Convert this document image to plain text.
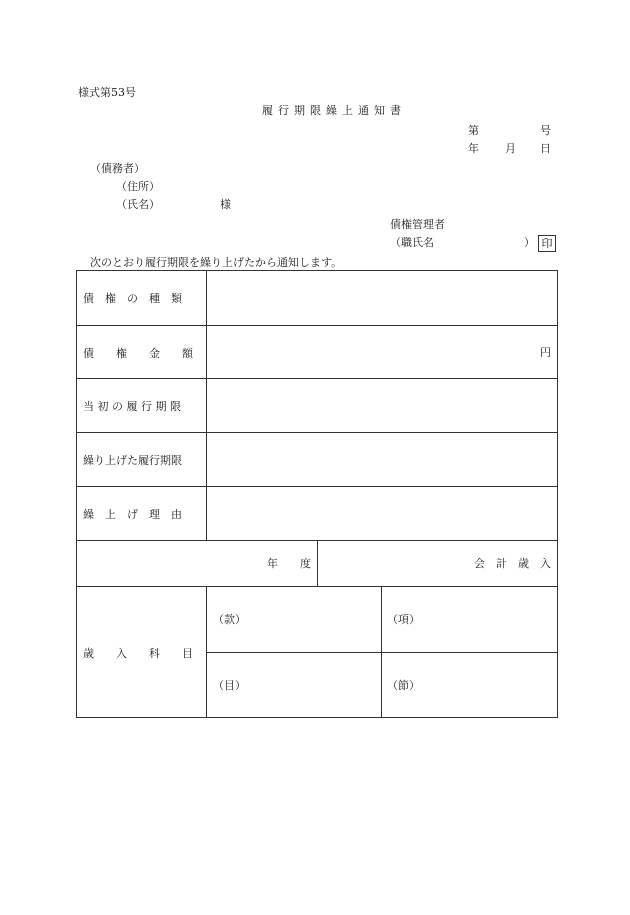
様式第53号
履行期限繰上通知書
第	号
年 月 日
（債務者）
（住所）
（氏名）	様
債権管理者
（職氏名	） 印
次のとおり履行期限を繰り上げたから通知します。
債　権　の　種　類
債　　権　　金　　額	円
当 初 の 履 行 期 限
繰り上げた履行期限
繰　上　げ　理　由
年　　度	会　計　歳　入
歳　　入　　科　　目
（款）	（項）
（目）	（節）
